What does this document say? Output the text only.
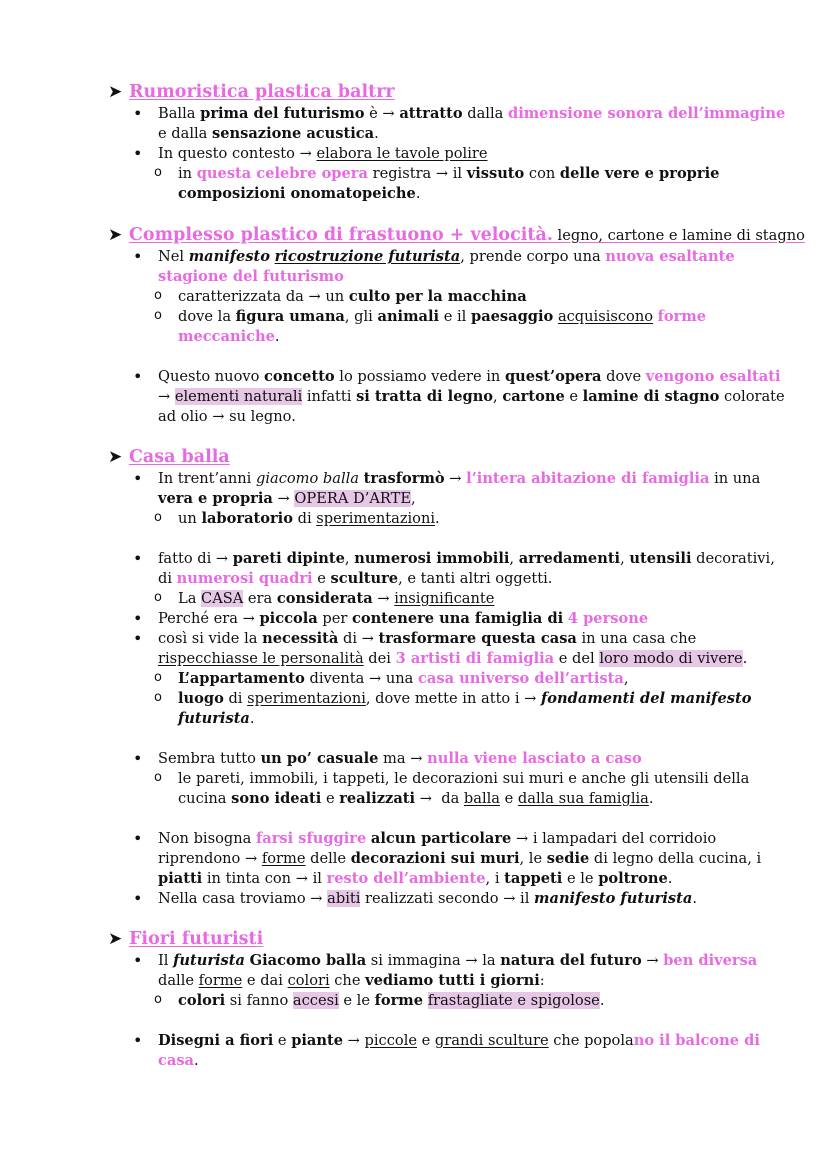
➤ Rumoristica plastica baltrr
• Balla prima del futurismo è → attratto dalla dimensione sonora dell’immagine e dalla sensazione acustica.
• In questo contesto → elabora le tavole polire
o in questa celebre opera registra → il vissuto con delle vere e proprie composizioni onomatopeiche.
➤ Complesso plastico di frastuono + velocità. legno, cartone e lamine di stagno
• Nel manifesto ricostruzione futurista, prende corpo una nuova esaltante stagione del futurismo
o caratterizzata da → un culto per la macchina
o dove la figura umana, gli animali e il paesaggio acquisiscono forme meccaniche.
• Questo nuovo concetto lo possiamo vedere in quest’opera dove vengono esaltati → elementi naturali infatti si tratta di legno, cartone e lamine di stagno colorate ad olio → su legno.
➤ Casa balla
• In trent’anni giacomo balla trasformò → l’intera abitazione di famiglia in una vera e propria → OPERA D’ARTE,
o un laboratorio di sperimentazioni.
• fatto di → pareti dipinte, numerosi immobili, arredamenti, utensili decorativi, di numerosi quadri e sculture, e tanti altri oggetti.
o La CASA era considerata → insignificante
• Perché era → piccola per contenere una famiglia di 4 persone
• così si vide la necessità di → trasformare questa casa in una casa che rispecchiasse le personalità dei 3 artisti di famiglia e del loro modo di vivere.
o L’appartamento diventa → una casa universo dell’artista,
o luogo di sperimentazioni, dove mette in atto i → fondamenti del manifesto futurista.
• Sembra tutto un po’ casuale ma → nulla viene lasciato a caso
o le pareti, immobili, i tappeti, le decorazioni sui muri e anche gli utensili della cucina sono ideati e realizzati →  da balla e dalla sua famiglia.
• Non bisogna farsi sfuggire alcun particolare → i lampadari del corridoio riprendono → forme delle decorazioni sui muri, le sedie di legno della cucina, i piatti in tinta con → il resto dell’ambiente, i tappeti e le poltrone.
• Nella casa troviamo → abiti realizzati secondo → il manifesto futurista.
➤ Fiori futuristi
• Il futurista Giacomo balla si immagina → la natura del futuro → ben diversa dalle forme e dai colori che vediamo tutti i giorni:
o colori si fanno accesi e le forme frastagliate e spigolose.
• Disegni a fiori e piante → piccole e grandi sculture che popolano il balcone di casa.
